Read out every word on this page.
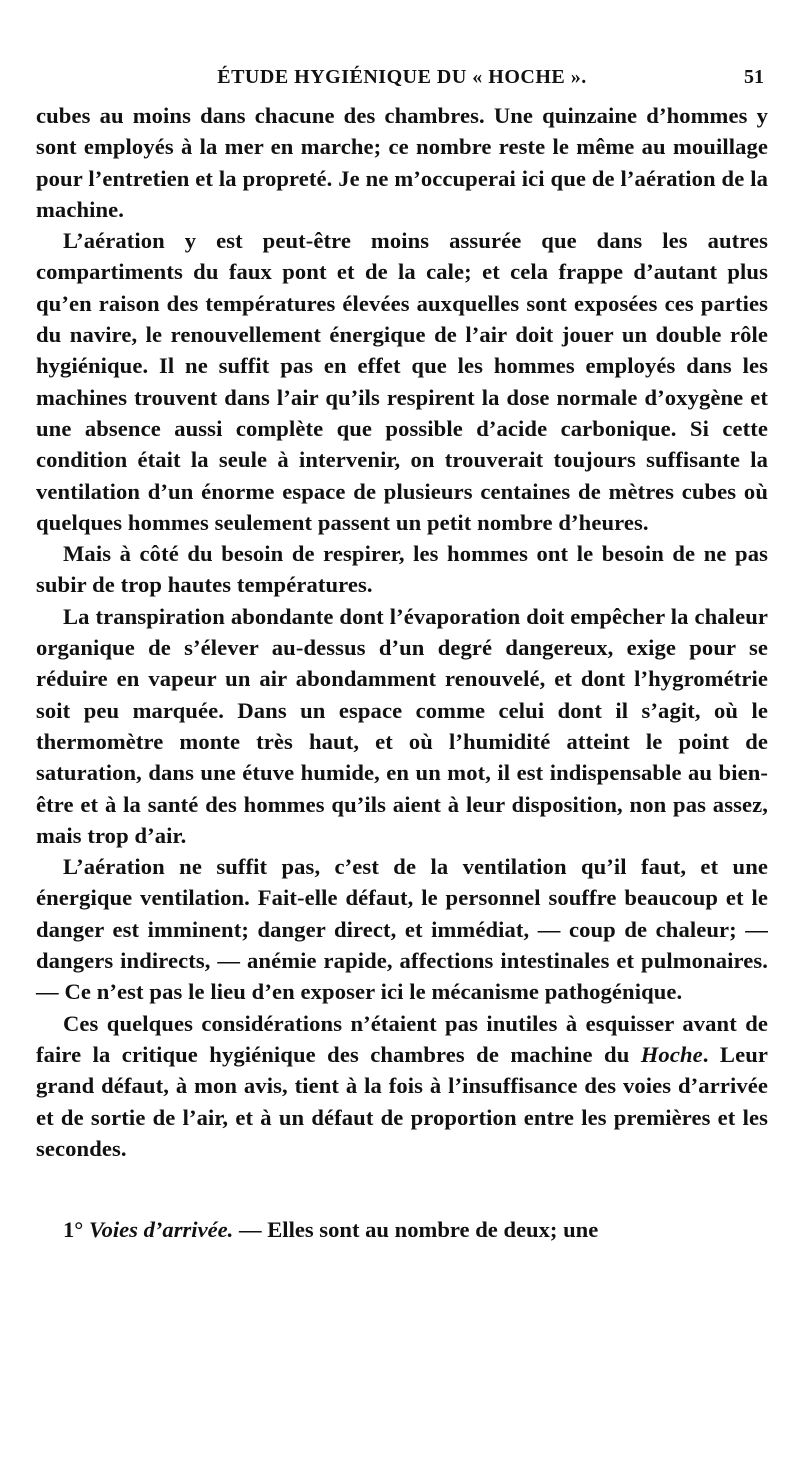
ÉTUDE HYGIÉNIQUE DU « HOCHE ».	51

cubes au moins dans chacune des chambres. Une quinzaine d’hommes y sont employés à la mer en marche; ce nombre reste le même au mouillage pour l’entretien et la propreté. Je ne m’occuperai ici que de l’aération de la machine.

L’aération y est peut-être moins assurée que dans les autres compartiments du faux pont et de la cale; et cela frappe d’autant plus qu’en raison des températures élevées auxquelles sont exposées ces parties du navire, le renouvellement énergique de l’air doit jouer un double rôle hygiénique. Il ne suffit pas en effet que les hommes employés dans les machines trouvent dans l’air qu’ils respirent la dose normale d’oxygène et une absence aussi complète que possible d’acide carbonique. Si cette condition était la seule à intervenir, on trouverait toujours suffisante la ventilation d’un énorme espace de plusieurs centaines de mètres cubes où quelques hommes seulement passent un petit nombre d’heures.

Mais à côté du besoin de respirer, les hommes ont le besoin de ne pas subir de trop hautes températures.

La transpiration abondante dont l’évaporation doit empêcher la chaleur organique de s’élever au-dessus d’un degré dangereux, exige pour se réduire en vapeur un air abondamment renouvelé, et dont l’hygrométrie soit peu marquée. Dans un espace comme celui dont il s’agit, où le thermomètre monte très haut, et où l’humidité atteint le point de saturation, dans une étuve humide, en un mot, il est indispensable au bien-être et à la santé des hommes qu’ils aient à leur disposition, non pas assez, mais trop d’air.

L’aération ne suffit pas, c’est de la ventilation qu’il faut, et une énergique ventilation. Fait-elle défaut, le personnel souffre beaucoup et le danger est imminent; danger direct, et immédiat, — coup de chaleur; — dangers indirects, — anémie rapide, affections intestinales et pulmonaires. — Ce n’est pas le lieu d’en exposer ici le mécanisme pathogénique.

Ces quelques considérations n’étaient pas inutiles à esquisser avant de faire la critique hygiénique des chambres de machine du Hoche. Leur grand défaut, à mon avis, tient à la fois à l’insuffisance des voies d’arrivée et de sortie de l’air, et à un défaut de proportion entre les premières et les secondes.

1° Voies d’arrivée. — Elles sont au nombre de deux; une
